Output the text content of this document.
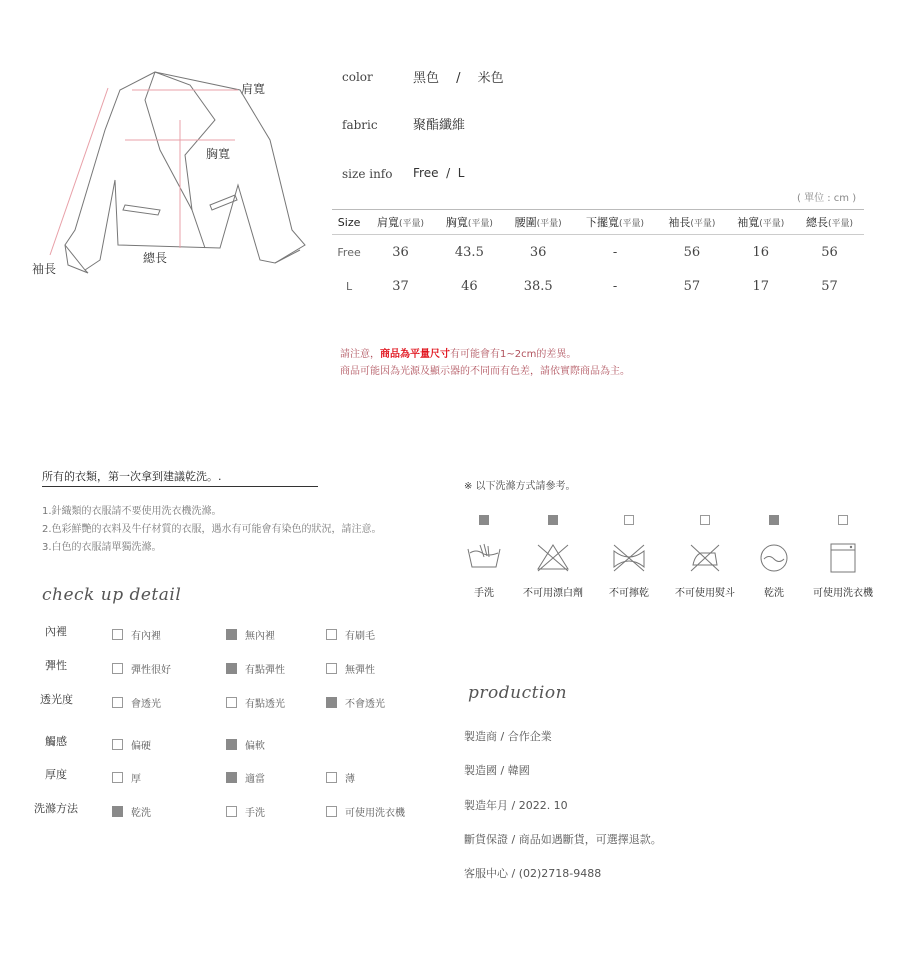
肩寬
胸寬
總長
袖長
color	黑色　 /　 米色
fabric	聚酯纖維
size info Free  /  L
( 單位 : cm )
Size	肩寬(平量)	胸寬(平量)	腰圍(平量)	下擺寬(平量)	袖長(平量)	袖寬(平量)	總長(平量)
Free	36	43.5	36	-	56	16	56
L	37	46	38.5	-	57	17	57
請注意，商品為平量尺寸有可能會有1~2cm的差異。
商品可能因為光源及顯示器的不同而有色差，請依實際商品為主。
所有的衣類，第一次拿到建議乾洗。.
1.針織類的衣服請不要使用洗衣機洗滌。
2.色彩鮮艷的衣料及牛仔材質的衣服，遇水有可能會有染色的狀況，請注意。
3.白色的衣服請單獨洗滌。
check up detail
內裡	有內裡	無內裡	有刷毛
彈性	彈性很好	有點彈性	無彈性
透光度	會透光	有點透光	不會透光
觸感	偏硬	偏軟
厚度	厚	適當	薄
洗滌方法	乾洗	手洗	可使用洗衣機
※ 以下洗滌方式請參考。
手洗	不可用漂白劑	不可擰乾	不可使用熨斗	乾洗	可使用洗衣機
production
製造商 / 合作企業
製造國 / 韓國
製造年月 / 2022. 10
斷貨保證 / 商品如遇斷貨，可選擇退款。
客服中心 / (02)2718-9488
